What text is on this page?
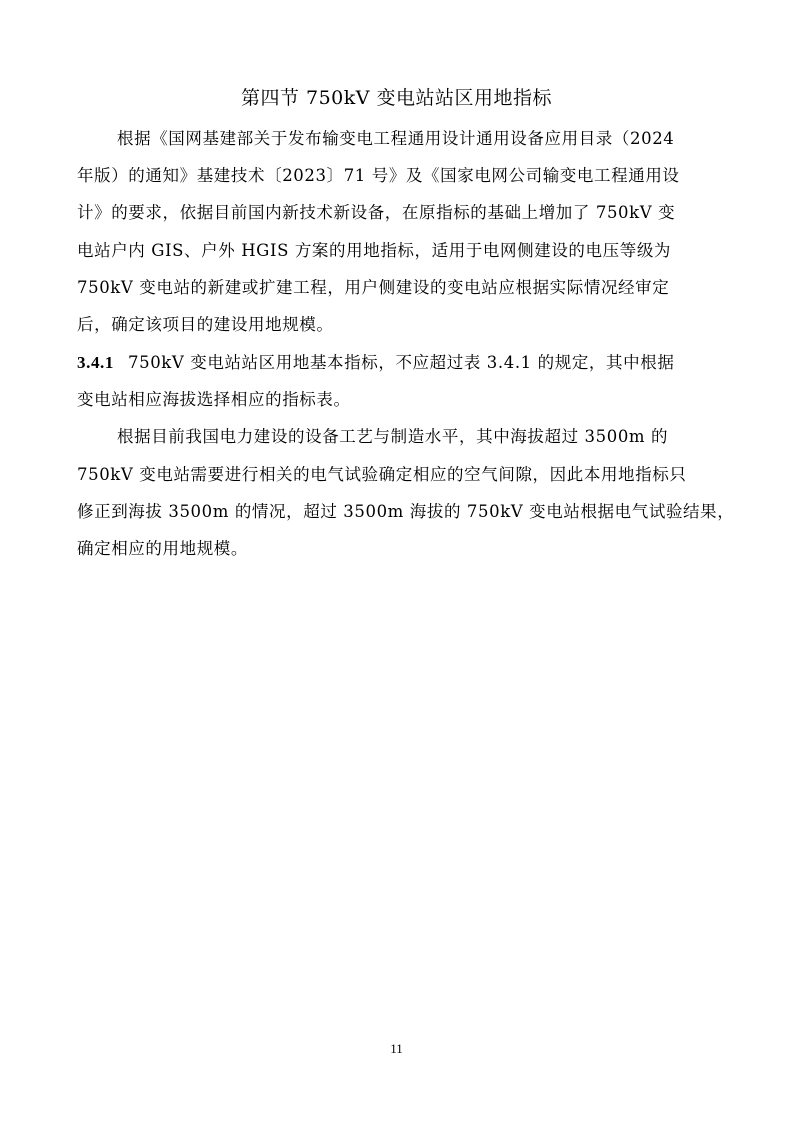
第四节 750kV 变电站站区用地指标
根据《国网基建部关于发布输变电工程通用设计通用设备应用目录（2024
年版）的通知》基建技术〔2023〕71 号》及《国家电网公司输变电工程通用设
计》的要求，依据目前国内新技术新设备，在原指标的基础上增加了 750kV 变
电站户内 GIS、户外 HGIS 方案的用地指标，适用于电网侧建设的电压等级为
750kV 变电站的新建或扩建工程，用户侧建设的变电站应根据实际情况经审定
后，确定该项目的建设用地规模。
3.4.1 750kV 变电站站区用地基本指标，不应超过表 3.4.1 的规定，其中根据
变电站相应海拔选择相应的指标表。
根据目前我国电力建设的设备工艺与制造水平，其中海拔超过 3500m 的
750kV 变电站需要进行相关的电气试验确定相应的空气间隙，因此本用地指标只
修正到海拔 3500m 的情况，超过 3500m 海拔的 750kV 变电站根据电气试验结果，
确定相应的用地规模。
11
